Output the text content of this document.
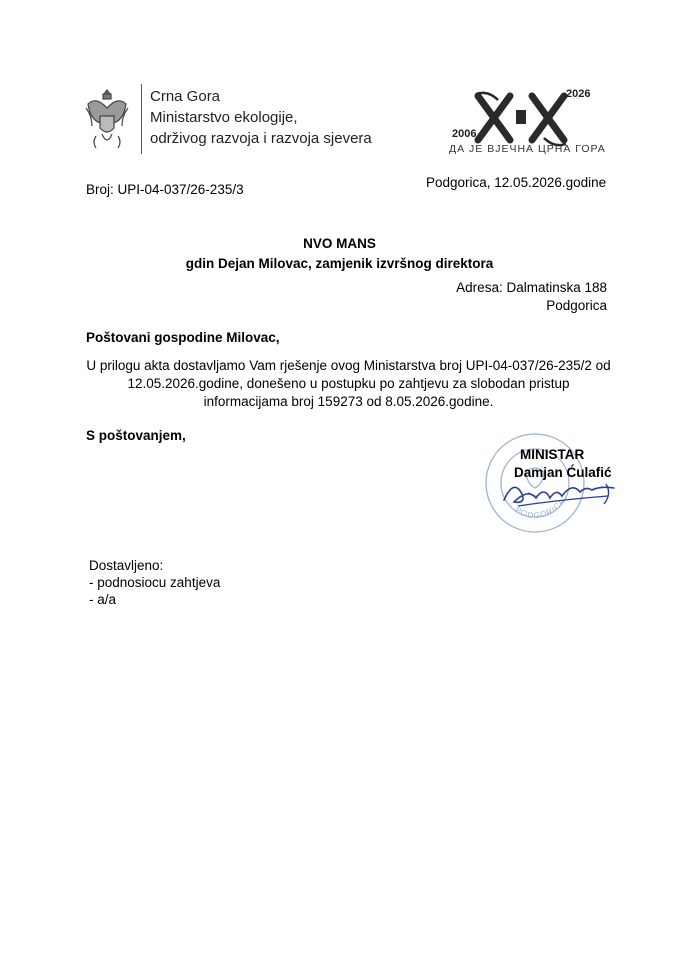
Crna Gora
Ministarstvo ekologije,
održivog razvoja i razvoja sjevera	2006
2026
ДА ЈЕ ВЈЕЧНА ЦРНА ГОРА
Broj: UPI-04-037/26-235/3	Podgorica, 12.05.2026.godine
NVO MANS
gdin Dejan Milovac, zamjenik izvršnog direktora
Adresa: Dalmatinska 188
Podgorica
Poštovani gospodine Milovac,
U prilogu akta dostavljamo Vam rješenje ovog Ministarstva broj UPI-04-037/26-235/2 od 12.05.2026.godine, donešeno u postupku po zahtjevu za slobodan pristup informacijama broj 159273 od 8.05.2026.godine.
S poštovanjem,
PODGORICA
MINISTAR
Damjan Ćulafić
Dostavljeno:
- podnosiocu zahtjeva
- a/a
